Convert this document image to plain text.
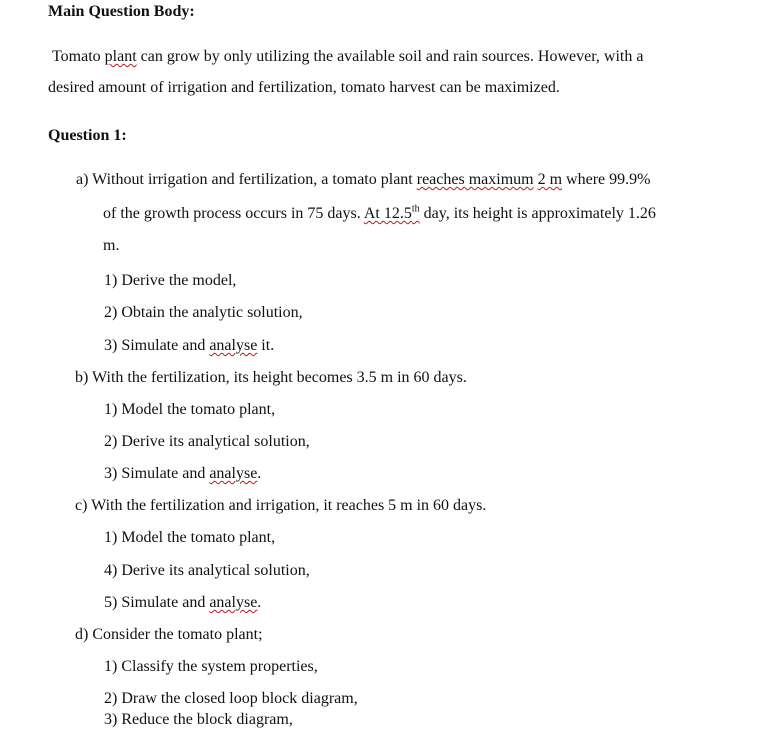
Main Question Body:
Tomato plant can grow by only utilizing the available soil and rain sources. However, with a
desired amount of irrigation and fertilization, tomato harvest can be maximized.
Question 1:
a) Without irrigation and fertilization, a tomato plant reaches maximum 2 m where 99.9%
of the growth process occurs in 75 days. At 12.5th day, its height is approximately 1.26
m.
1) Derive the model,
2) Obtain the analytic solution,
3) Simulate and analyse it.
b) With the fertilization, its height becomes 3.5 m in 60 days.
1) Model the tomato plant,
2) Derive its analytical solution,
3) Simulate and analyse.
c) With the fertilization and irrigation, it reaches 5 m in 60 days.
1) Model the tomato plant,
4) Derive its analytical solution,
5) Simulate and analyse.
d) Consider the tomato plant;
1) Classify the system properties,
2) Draw the closed loop block diagram,
3) Reduce the block diagram,
